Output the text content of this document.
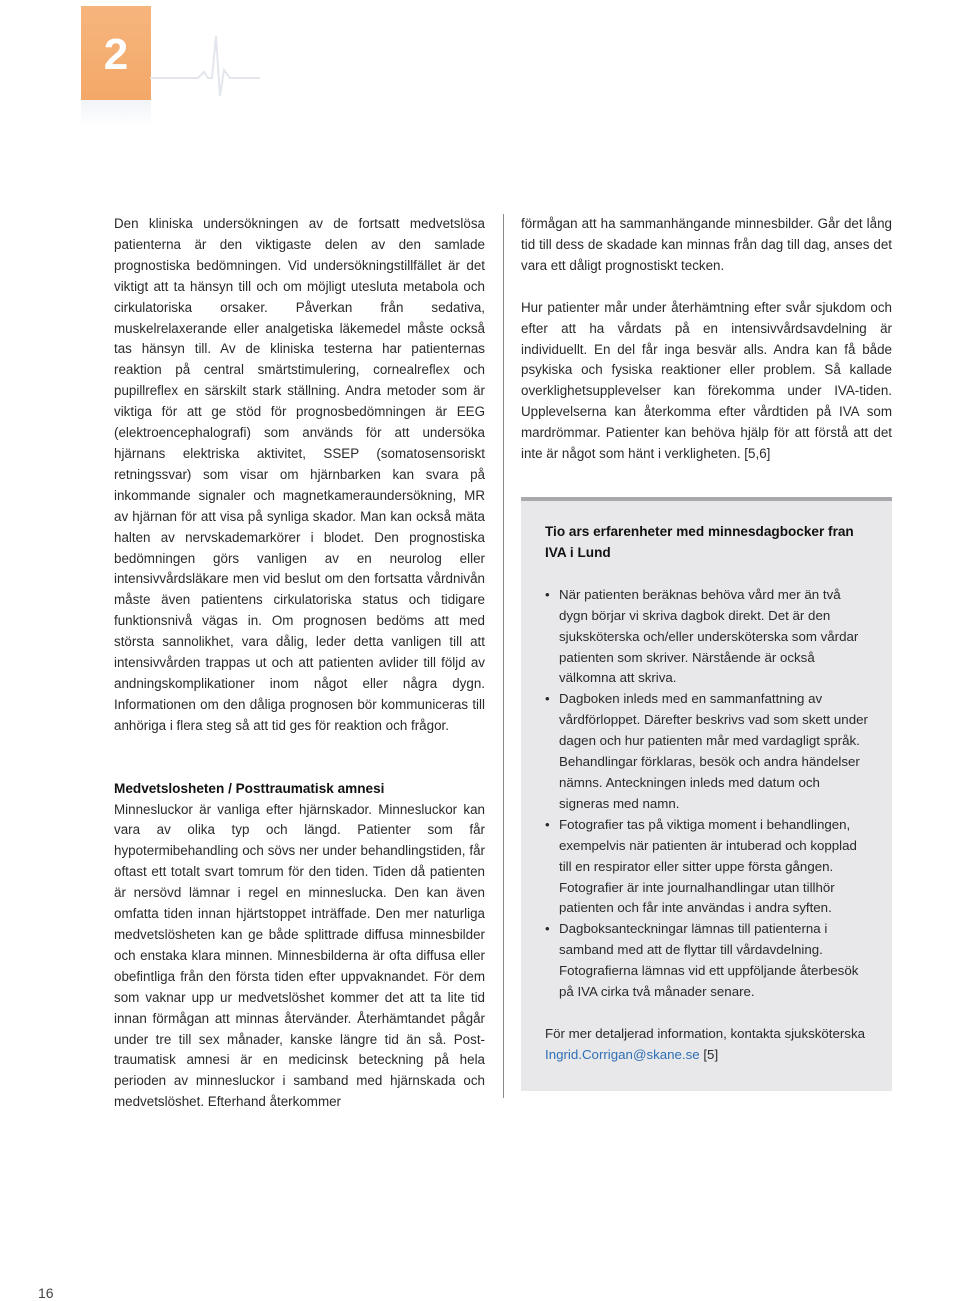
2

Den kliniska undersökningen av de fortsatt medvetslösa patienterna är den viktigaste delen av den samlade prognostiska bedömningen. Vid undersökningstillfället är det viktigt att ta hänsyn till och om möjligt utesluta metabola och cirkulatoriska orsaker. Påverkan från sedativa, muskelrelaxerande eller analgetiska läkemedel måste också tas hänsyn till. Av de kliniska testerna har patienternas reaktion på central smärtstimulering, cornealreflex och pupillreflex en särskilt stark ställning. Andra metoder som är viktiga för att ge stöd för prognosbedömningen är EEG (elektroencephalografi) som används för att undersöka hjärnans elektriska aktivitet, SSEP (somatosensoriskt retningssvar) som visar om hjärnbarken kan svara på inkommande signaler och magnetkameraundersökning, MR av hjärnan för att visa på synliga skador. Man kan också mäta halten av nervskademarkörer i blodet. Den prognostiska bedömningen görs vanligen av en neurolog eller intensivvårdsläkare men vid beslut om den fortsatta vårdnivån måste även patientens cirkulatoriska status och tidigare funktionsnivå vägas in. Om prognosen bedöms att med största sannolikhet, vara dålig, leder detta vanligen till att intensivvården trappas ut och att patienten avlider till följd av andningskomplikationer inom något eller några dygn. Informationen om den dåliga prognosen bör kommuniceras till anhöriga i flera steg så att tid ges för reaktion och frågor.

Medvetslosheten / Posttraumatisk amnesi

Minnesluckor är vanliga efter hjärnskador. Minnesluckor kan vara av olika typ och längd. Patienter som får hypotermibehandling och sövs ner under behandlingstiden, får oftast ett totalt svart tomrum för den tiden. Tiden då patienten är nersövd lämnar i regel en minneslucka. Den kan även omfatta tiden innan hjärtstoppet inträffade. Den mer naturliga medvetslösheten kan ge både splittrade diffusa minnesbilder och enstaka klara minnen. Minnesbilderna är ofta diffusa eller obefintliga från den första tiden efter uppvaknandet. För dem som vaknar upp ur medvetslöshet kommer det att ta lite tid innan förmågan att minnas återvänder. Återhämtandet pågår under tre till sex månader, kanske längre tid än så. Post-traumatisk amnesi är en medicinsk beteckning på hela perioden av minnesluckor i samband med hjärnskada och medvetslöshet. Efterhand återkommer

förmågan att ha sammanhängande minnesbilder. Går det lång tid till dess de skadade kan minnas från dag till dag, anses det vara ett dåligt prognostiskt tecken.

Hur patienter mår under återhämtning efter svår sjukdom och efter att ha vårdats på en intensivvårdsavdelning är individuellt. En del får inga besvär alls. Andra kan få både psykiska och fysiska reaktioner eller problem. Så kallade overklighetsupplevelser kan förekomma under IVA-tiden. Upplevelserna kan återkomma efter vårdtiden på IVA som mardrömmar. Patienter kan behöva hjälp för att förstå att det inte är något som hänt i verkligheten. [5,6]

Tio ars erfarenheter med minnesdagbocker fran IVA i Lund

• När patienten beräknas behöva vård mer än två dygn börjar vi skriva dagbok direkt. Det är den sjuksköterska och/eller undersköterska som vårdar patienten som skriver. Närstående är också välkomna att skriva.
• Dagboken inleds med en sammanfattning av vårdförloppet. Därefter beskrivs vad som skett under dagen och hur patienten mår med vardagligt språk. Behandlingar förklaras, besök och andra händelser nämns. Anteckningen inleds med datum och signeras med namn.
• Fotografier tas på viktiga moment i behandlingen, exempelvis när patienten är intuberad och kopplad till en respirator eller sitter uppe första gången. Fotografier är inte journalhandlingar utan tillhör patienten och får inte användas i andra syften.
• Dagboksanteckningar lämnas till patienterna i samband med att de flyttar till vårdavdelning. Fotografierna lämnas vid ett uppföljande återbesök på IVA cirka två månader senare.

För mer detaljerad information, kontakta sjuksköterska Ingrid.Corrigan@skane.se [5]

16
